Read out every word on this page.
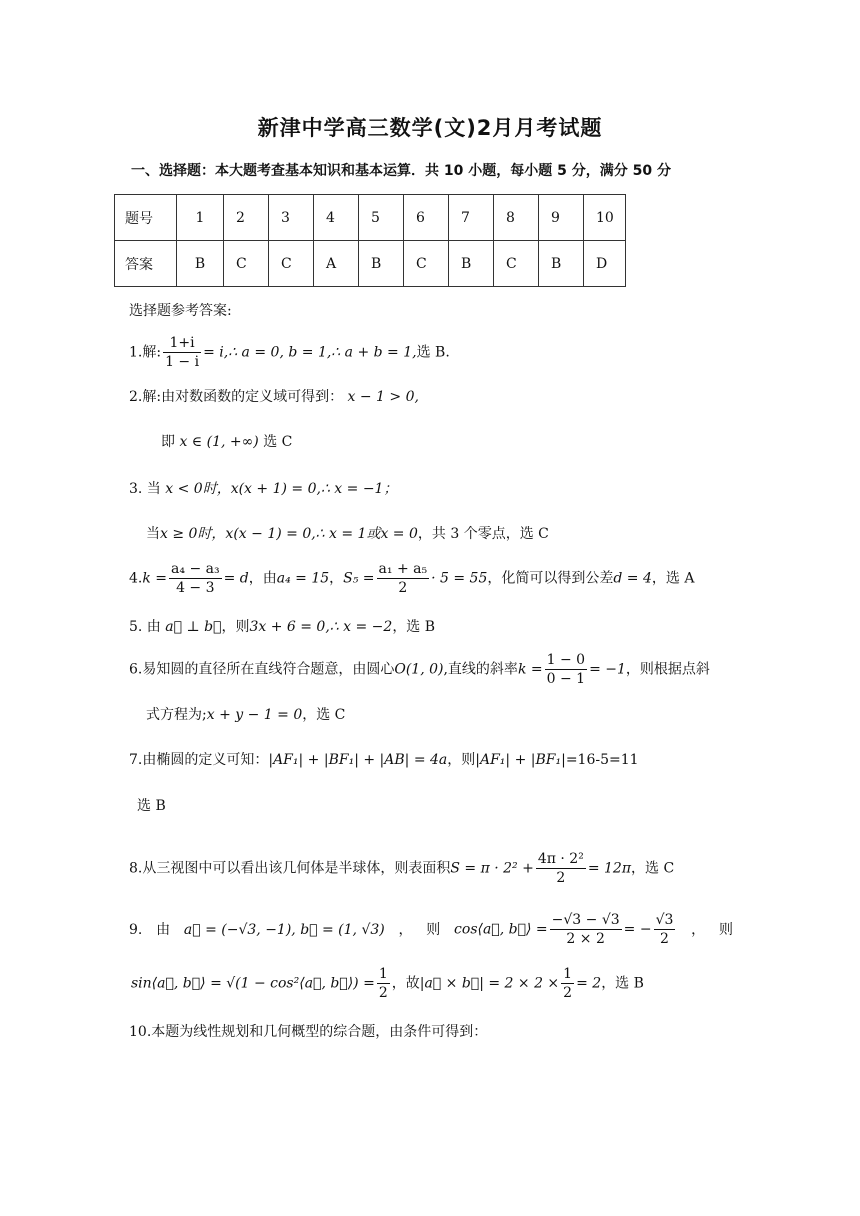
新津中学高三数学(文)2月月考试题
一、选择题：本大题考查基本知识和基本运算．共 10 小题，每小题 5 分，满分 50 分
题号	1	2	3	4	5	6	7	8	9	10
答案	B	C	C	A	B	C	B	C	B	D
选择题参考答案:
1.解: $\frac{1+i}{1 - i}$ = i,∴ a = 0, b = 1,∴ a + b = 1,选 B.
2.解:由对数函数的定义域可得到： x − 1 > 0,
即 x ∈ (1, +∞) 选 C
3. 当 x < 0时，x(x + 1) = 0,∴ x = −1；
当x ≥ 0时，x(x − 1) = 0,∴ x = 1或x = 0，共 3 个零点，选 C
$4.k = \frac{\text{a₄ − a₃}}{4 - 3} = d$，由a₄ = 15，$S_5 = \frac{\text{a₁ + a₅}}{2} \cdot 5 = 55$，化简可以得到公差d = 4，选 A
5. 由 a⃗ ⊥ b⃗，则3x + 6 = 0,∴ x = −2，选 B
6.易知圆的直径所在直线符合题意，由圆心O(1, 0),直线的斜率$k = \frac{1 - 0}{0 - 1} = -1$，则根据点斜
式方程为;x + y − 1 = 0，选 C
7.由椭圆的定义可知：|AF₁| + |BF₁| + |AB| = 4a，则|AF₁| + |BF₁|=16-5=11
选 B
8.从三视图中可以看出该几何体是半球体，则表面积$S = \pi \cdot 2^2 + \frac{\text{4π · 2²}}{2} = 12\pi$，选 C
9. 由 a⃗ = (−√3, −1), b⃗ = (1, √3) ， 则 cos⟨a⃗, b⃗⟩ = $\frac{-√3 - √3}{2 \times 2}$ = − $\frac{√3}{2}$ ， 则
sin⟨a⃗, b⃗⟩ = √(1 − cos²⟨a⃗, b⃗⟩) = $\frac{1}{2}$ ，故|a⃗ × b⃗| = $2 \times 2 \times \frac{1}{2} = 2$，选 B
10.本题为线性规划和几何概型的综合题，由条件可得到：
